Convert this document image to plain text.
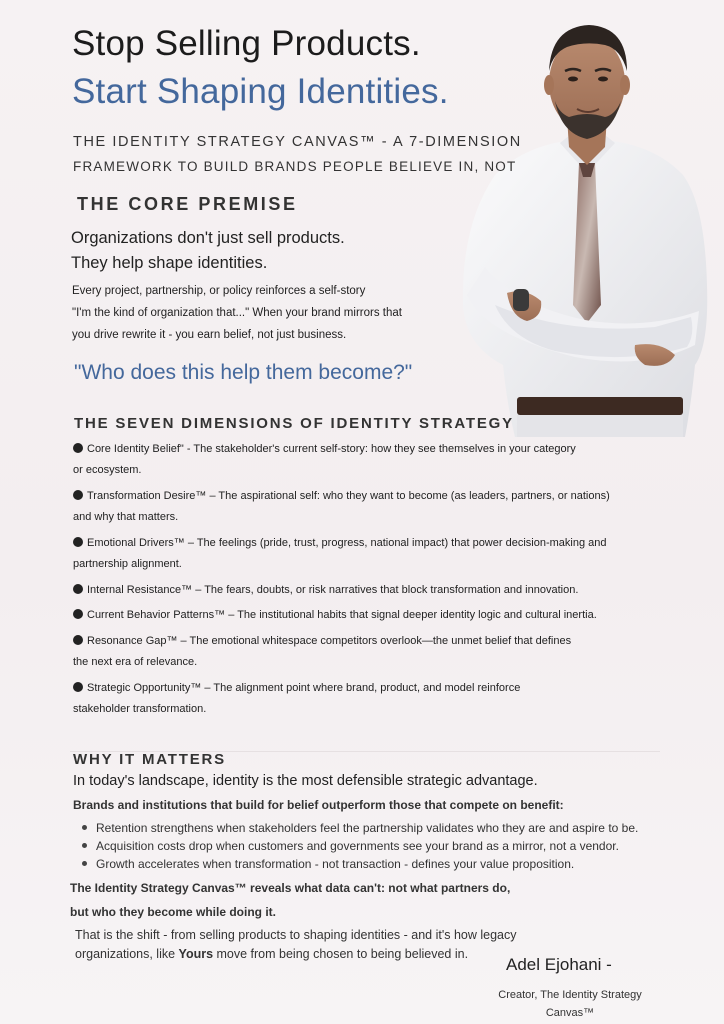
Stop Selling Products.
Start Shaping Identities.
THE IDENTITY STRATEGY CANVAS™ - A 7-DIMENSION
FRAMEWORK TO BUILD BRANDS PEOPLE BELIEVE IN, NOT
THE CORE PREMISE
Organizations don't just sell products.
They help shape identities.
Every project, partnership, or policy reinforces a self-story
"I'm the kind of organization that..." When your brand mirrors that
you drive rewrite it - you earn belief, not just business.
"Who does this help them become?"
THE SEVEN DIMENSIONS OF IDENTITY STRATEGY
Core Identity Belief" - The stakeholder's current self-story: how they see themselves in your category
or ecosystem.
Transformation Desire™ – The aspirational self: who they want to become (as leaders, partners, or nations)
and why that matters.
Emotional Drivers™ – The feelings (pride, trust, progress, national impact) that power decision-making and
partnership alignment.
Internal Resistance™ – The fears, doubts, or risk narratives that block transformation and innovation.
Current Behavior Patterns™ – The institutional habits that signal deeper identity logic and cultural inertia.
Resonance Gap™ – The emotional whitespace competitors overlook—the unmet belief that defines
the next era of relevance.
Strategic Opportunity™ – The alignment point where brand, product, and model reinforce
stakeholder transformation.
WHY IT MATTERS
In today's landscape, identity is the most defensible strategic advantage.
Brands and institutions that build for belief outperform those that compete on benefit:
Retention strengthens when stakeholders feel the partnership validates who they are and aspire to be.
Acquisition costs drop when customers and governments see your brand as a mirror, not a vendor.
Growth accelerates when transformation - not transaction - defines your value proposition.
The Identity Strategy Canvas™ reveals what data can't: not what partners do,
but who they become while doing it.
That is the shift - from selling products to shaping identities - and it's how legacy
organizations, like Yours move from being chosen to being believed in.
Adel Ejohani -
Creator, The Identity Strategy
Canvas™
